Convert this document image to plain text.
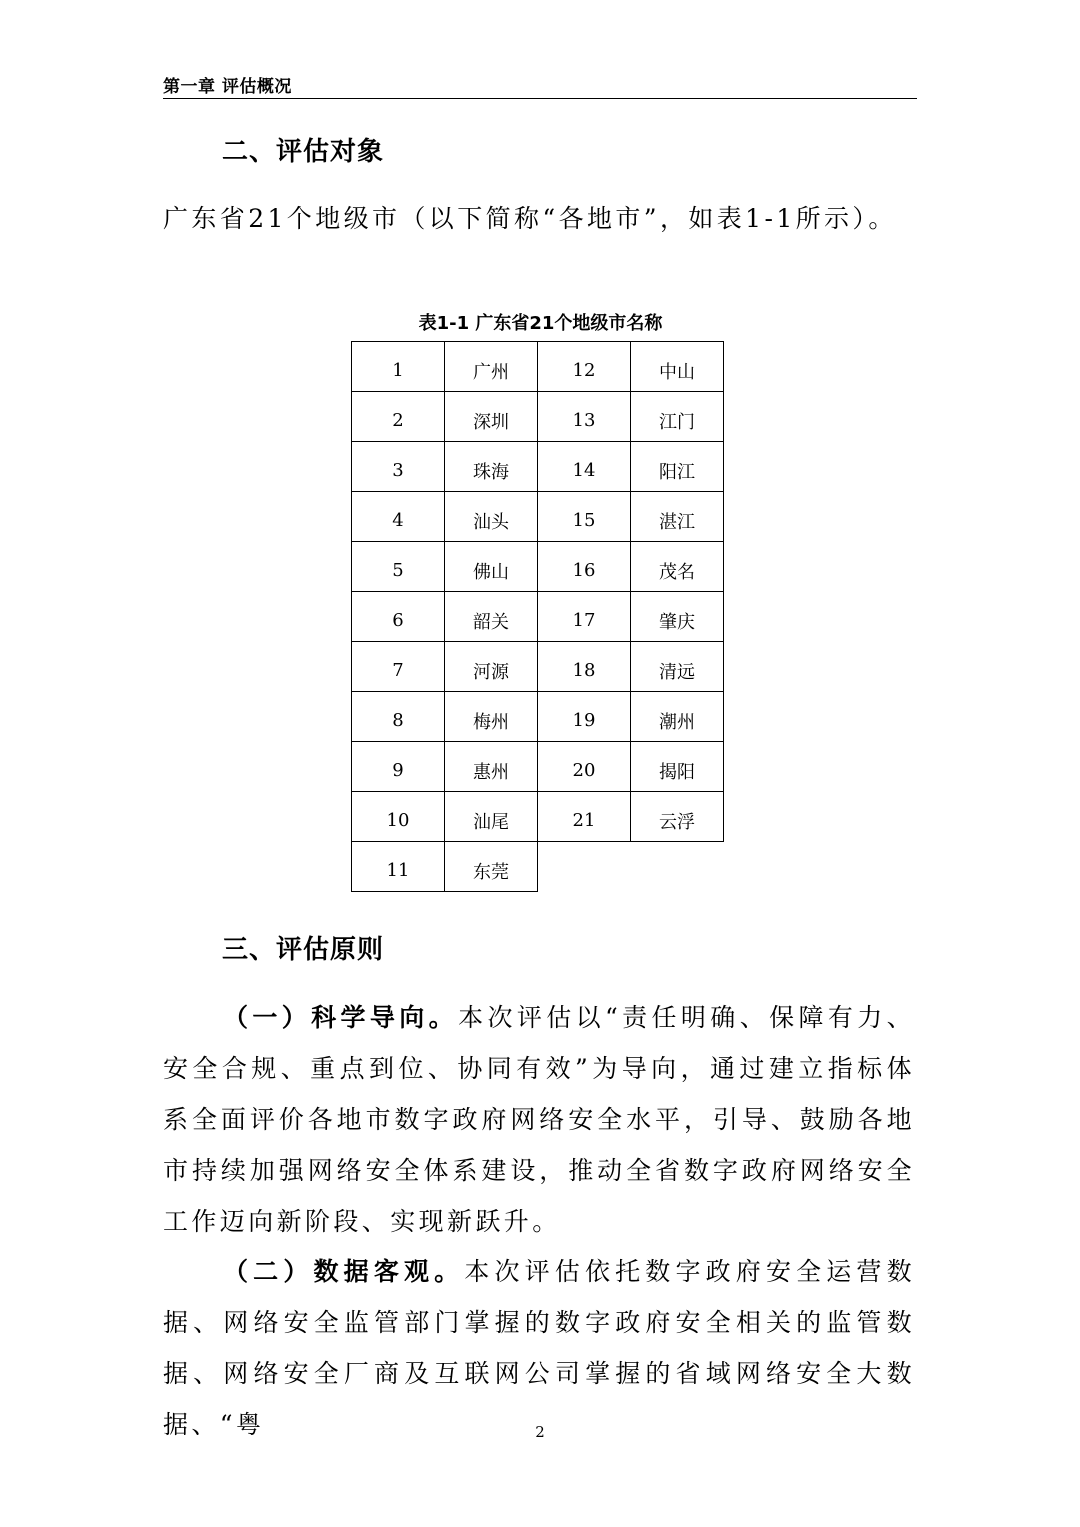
第一章 评估概况
二、评估对象

广东省21个地级市（以下简称“各地市”，如表1-1所示）。

表1-1 广东省21个地级市名称
1	广州	12	中山
2	深圳	13	江门
3	珠海	14	阳江
4	汕头	15	湛江
5	佛山	16	茂名
6	韶关	17	肇庆
7	河源	18	清远
8	梅州	19	潮州
9	惠州	20	揭阳
10	汕尾	21	云浮
11	东莞		
三、评估原则

（一）科学导向。本次评估以“责任明确、保障有力、安全合规、重点到位、协同有效”为导向，通过建立指标体系全面评价各地市数字政府网络安全水平，引导、鼓励各地市持续加强网络安全体系建设，推动全省数字政府网络安全工作迈向新阶段、实现新跃升。

（二）数据客观。本次评估依托数字政府安全运营数据、网络安全监管部门掌握的数字政府安全相关的监管数据、网络安全厂商及互联网公司掌握的省域网络安全大数据、“粤	2
